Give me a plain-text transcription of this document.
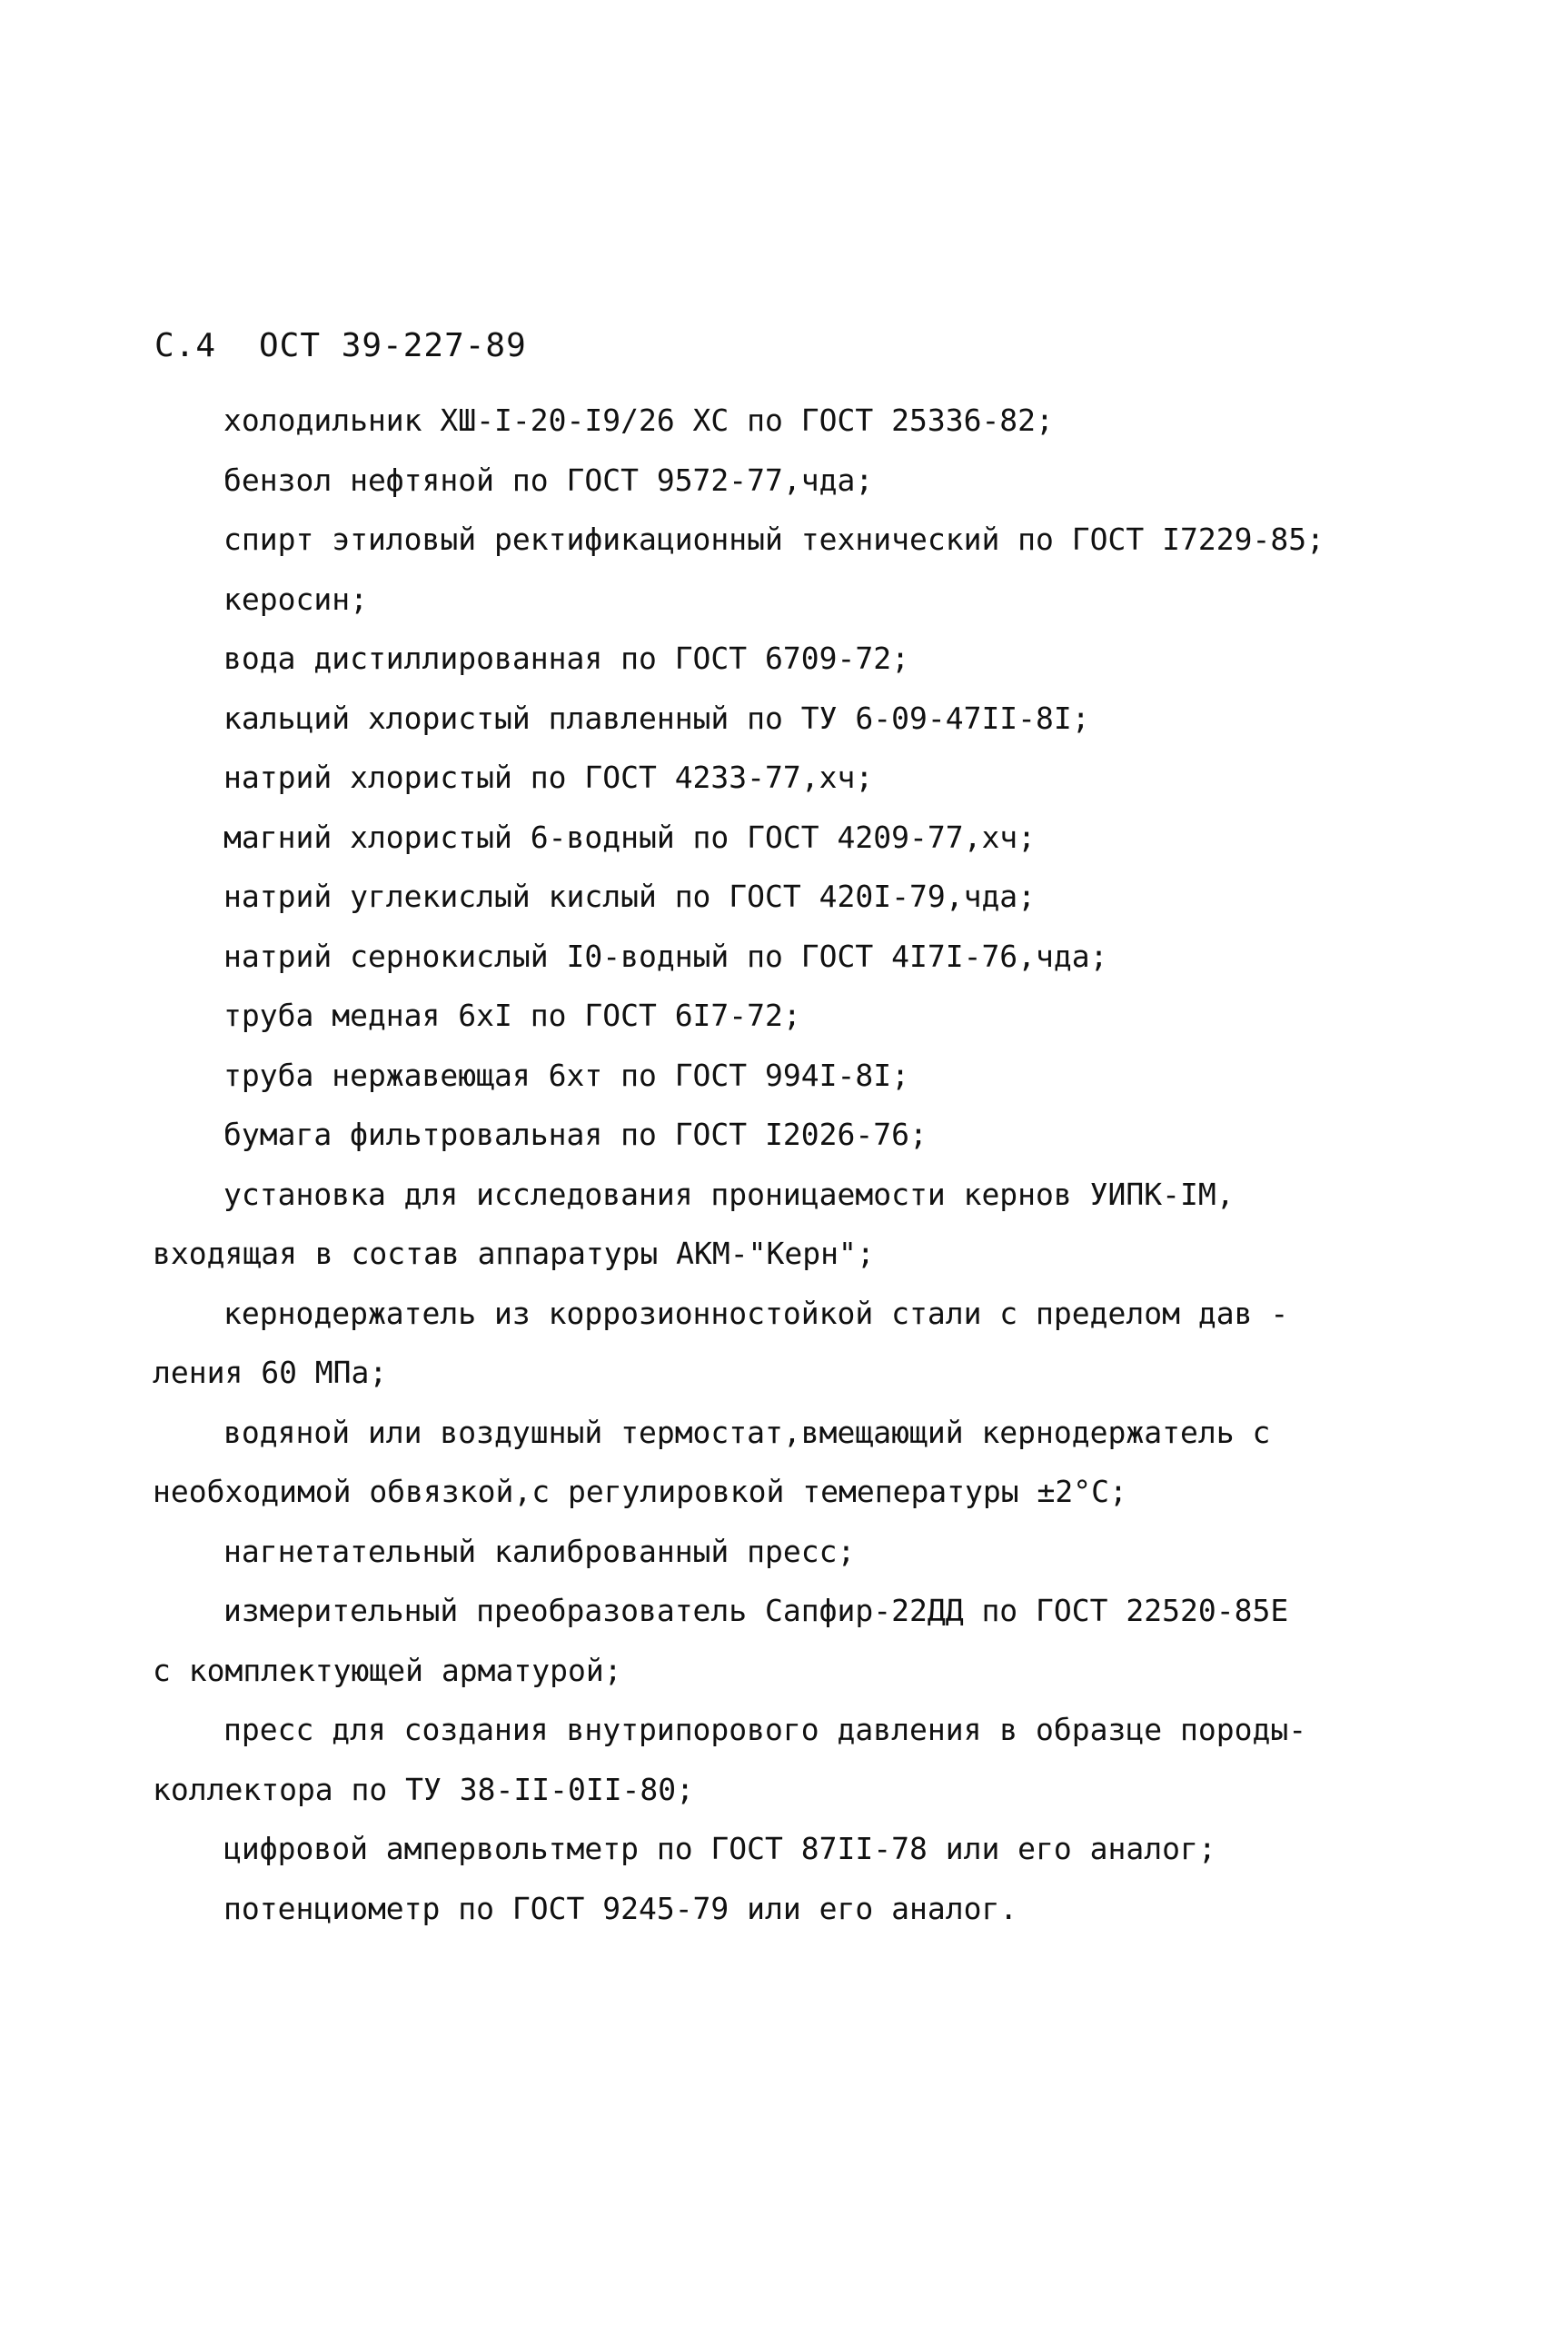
С.4 ОСТ 39-227-89
холодильник ХШ-I-20-I9/26 ХС по ГОСТ 25336-82;
бензол нефтяной по ГОСТ 9572-77,чда;
спирт этиловый ректификационный технический по ГОСТ I7229-85;
керосин;
вода дистиллированная по ГОСТ 6709-72;
кальций хлористый плавленный по ТУ 6-09-47II-8I;
натрий хлористый по ГОСТ 4233-77,хч;
магний хлористый 6-водный по ГОСТ 4209-77,хч;
натрий углекислый кислый по ГОСТ 420I-79,чда;
натрий сернокислый I0-водный по ГОСТ 4I7I-76,чда;
труба медная 6хI по ГОСТ 6I7-72;
труба нержавеющая 6хт по ГОСТ 994I-8I;
бумага фильтровальная по ГОСТ I2026-76;
установка для исследования проницаемости кернов УИПК-IМ,
входящая в состав аппаратуры АКМ-"Керн";
кернодержатель из коррозионностойкой стали с пределом дав -
ления 60 МПа;
водяной или воздушный термостат,вмещающий кернодержатель с
необходимой обвязкой,с регулировкой темепературы ±2°С;
нагнетательный калиброванный пресс;
измерительный преобразователь Сапфир-22ДД по ГОСТ 22520-85Е
с комплектующей арматурой;
пресс для создания внутрипорового давления в образце породы-
коллектора по ТУ 38-II-0II-80;
цифровой ампервольтметр по ГОСТ 87II-78 или его аналог;
потенциометр по ГОСТ 9245-79 или его аналог.
